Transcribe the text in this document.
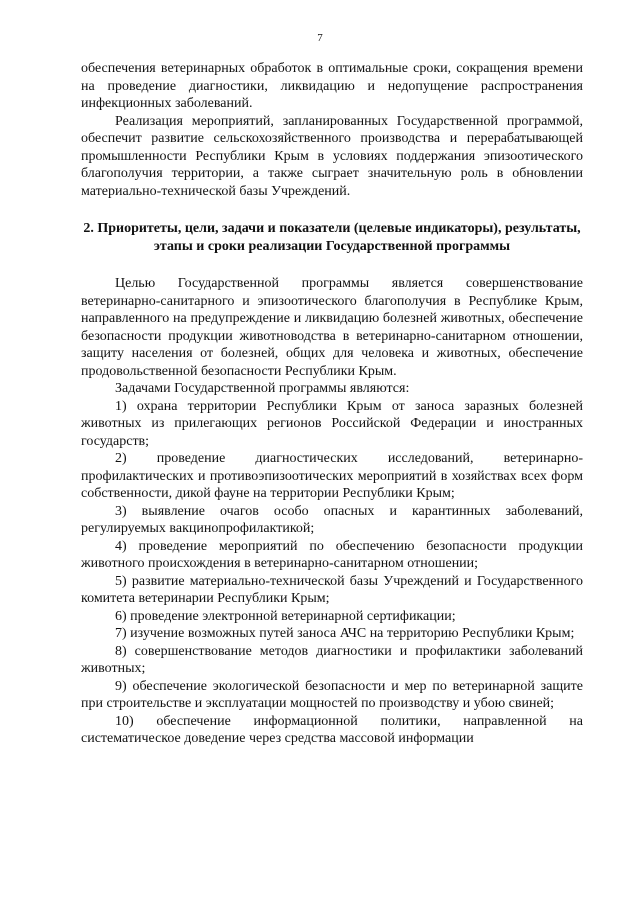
7

обеспечения ветеринарных обработок в оптимальные сроки, сокращения времени на проведение диагностики, ликвидацию и недопущение распространения инфекционных заболеваний.

Реализация мероприятий, запланированных Государственной программой, обеспечит развитие сельскохозяйственного производства и перерабатывающей промышленности Республики Крым в условиях поддержания эпизоотического благополучия территории, а также сыграет значительную роль в обновлении материально-технической базы Учреждений.

2. Приоритеты, цели, задачи и показатели (целевые индикаторы), результаты, этапы и сроки реализации Государственной программы

Целью Государственной программы является совершенствование ветеринарно-санитарного и эпизоотического благополучия в Республике Крым, направленного на предупреждение и ликвидацию болезней животных, обеспечение безопасности продукции животноводства в ветеринарно-санитарном отношении, защиту населения от болезней, общих для человека и животных, обеспечение продовольственной безопасности Республики Крым.

Задачами Государственной программы являются:

1) охрана территории Республики Крым от заноса заразных болезней животных из прилегающих регионов Российской Федерации и иностранных государств;

2) проведение диагностических исследований, ветеринарно-профилактических и противоэпизоотических мероприятий в хозяйствах всех форм собственности, дикой фауне на территории Республики Крым;

3) выявление очагов особо опасных и карантинных заболеваний, регулируемых вакцинопрофилактикой;

4) проведение мероприятий по обеспечению безопасности продукции животного происхождения в ветеринарно-санитарном отношении;

5) развитие материально-технической базы Учреждений и Государственного комитета ветеринарии Республики Крым;

6) проведение электронной ветеринарной сертификации;

7) изучение возможных путей заноса АЧС на территорию Республики Крым;

8) совершенствование методов диагностики и профилактики заболеваний животных;

9) обеспечение экологической безопасности и мер по ветеринарной защите при строительстве и эксплуатации мощностей по производству и убою свиней;

10) обеспечение информационной политики, направленной на систематическое доведение через средства массовой информации
